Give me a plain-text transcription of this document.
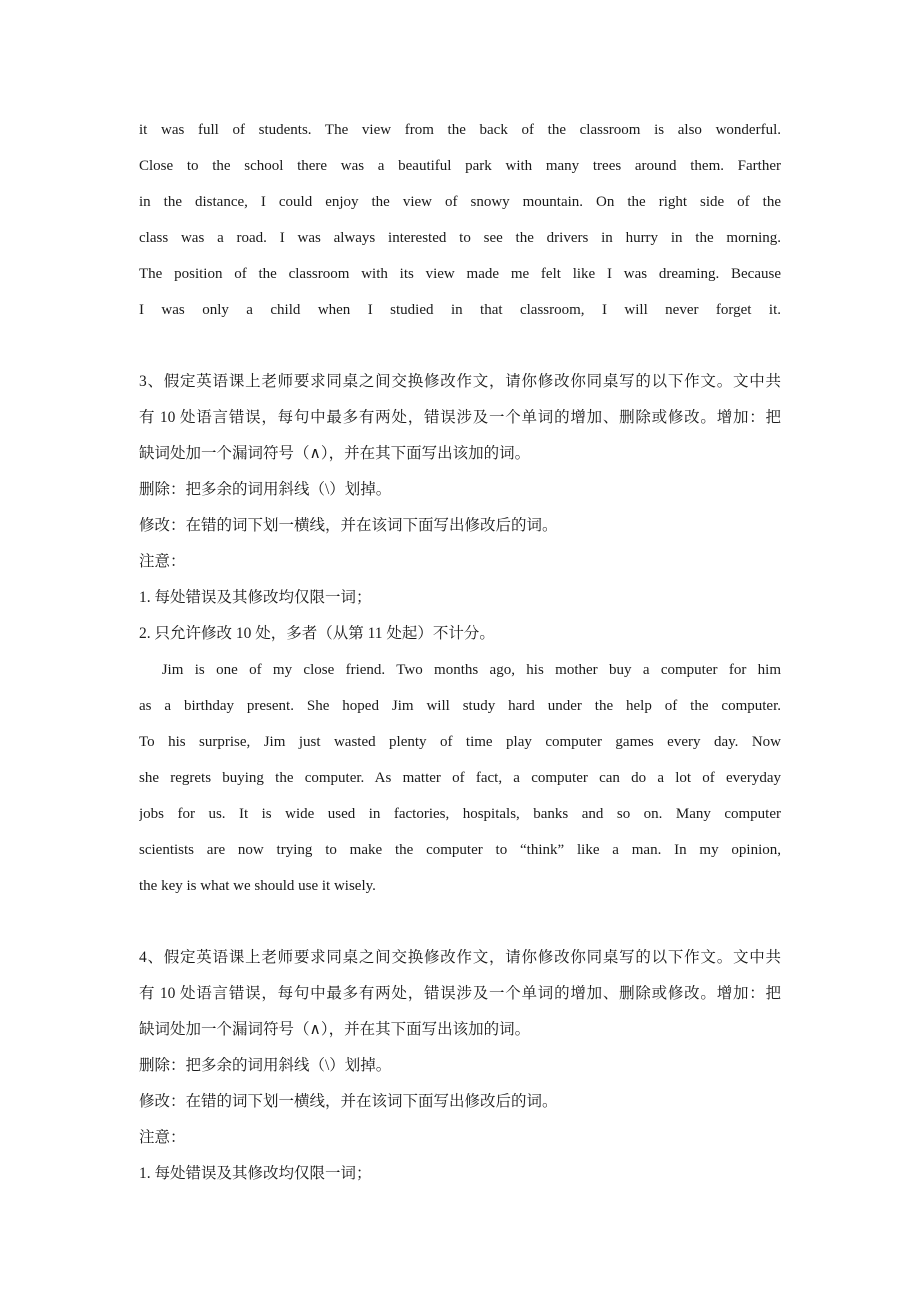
it was full of students. The view from the back of the classroom is also wonderful.
Close to the school there was a beautiful park with many trees around them. Farther
in the distance, I could enjoy the view of snowy mountain. On the right side of the
class was a road. I was always interested to see the drivers in hurry in the morning.
The position of the classroom with its view made me felt like I was dreaming. Because
I was only a child when I studied in that classroom, I will never forget it.
3、假定英语课上老师要求同桌之间交换修改作文，请你修改你同桌写的以下作文。文中共
有 10 处语言错误，每句中最多有两处，错误涉及一个单词的增加、删除或修改。增加：把
缺词处加一个漏词符号（∧），并在其下面写出该加的词。
删除：把多余的词用斜线（\）划掉。
修改：在错的词下划一横线，并在该词下面写出修改后的词。
注意：
1. 每处错误及其修改均仅限一词；
2. 只允许修改 10 处，多者（从第 11 处起）不计分。
Jim is one of my close friend. Two months ago, his mother buy a computer for him
as a birthday present. She hoped Jim will study hard under the help of the computer.
To his surprise, Jim just wasted plenty of time play computer games every day. Now
she regrets buying the computer. As matter of fact, a computer can do a lot of everyday
jobs for us. It is wide used in factories, hospitals, banks and so on. Many computer
scientists are now trying to make the computer to “think” like a man. In my opinion,
the key is what we should use it wisely.
4、假定英语课上老师要求同桌之间交换修改作文，请你修改你同桌写的以下作文。文中共
有 10 处语言错误，每句中最多有两处，错误涉及一个单词的增加、删除或修改。增加：把
缺词处加一个漏词符号（∧），并在其下面写出该加的词。
删除：把多余的词用斜线（\）划掉。
修改：在错的词下划一横线，并在该词下面写出修改后的词。
注意：
1. 每处错误及其修改均仅限一词；
